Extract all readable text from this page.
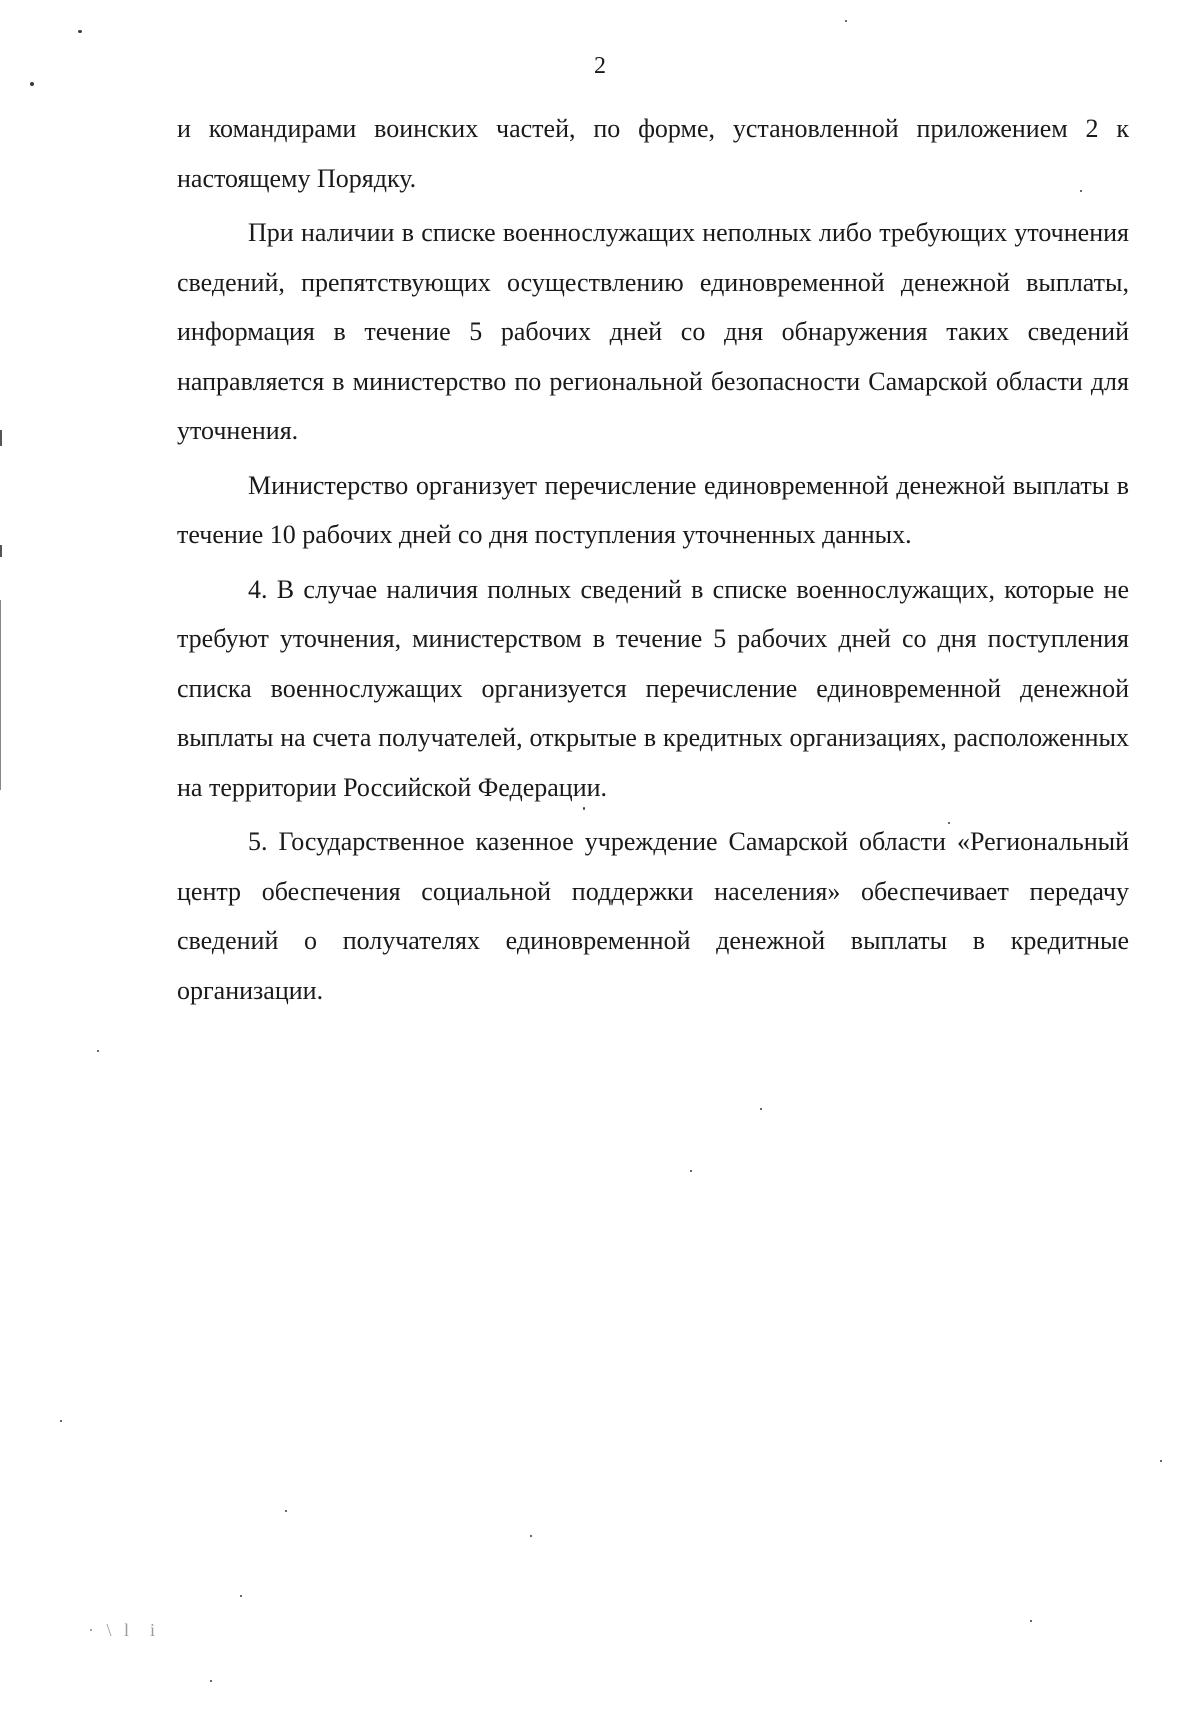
· \ l  i
2

и командирами воинских частей, по форме, установленной приложением 2 к настоящему Порядку.

При наличии в списке военнослужащих неполных либо требующих уточнения сведений, препятствующих осуществлению единовременной денежной выплаты, информация в течение 5 рабочих дней со дня обнаружения таких сведений направляется в министерство по региональной безопасности Самарской области для уточнения.

Министерство организует перечисление единовременной денежной выплаты в течение 10 рабочих дней со дня поступления уточненных данных.

4. В случае наличия полных сведений в списке военнослужащих, которые не требуют уточнения, министерством в течение 5 рабочих дней со дня поступления списка военнослужащих организуется перечисление единовременной денежной выплаты на счета получателей, открытые в кредитных организациях, расположенных на территории Российской Федерации.

5. Государственное казенное учреждение Самарской области «Региональный центр обеспечения социальной поддержки населения» обеспечивает передачу сведений о получателях единовременной денежной выплаты в кредитные организации.
